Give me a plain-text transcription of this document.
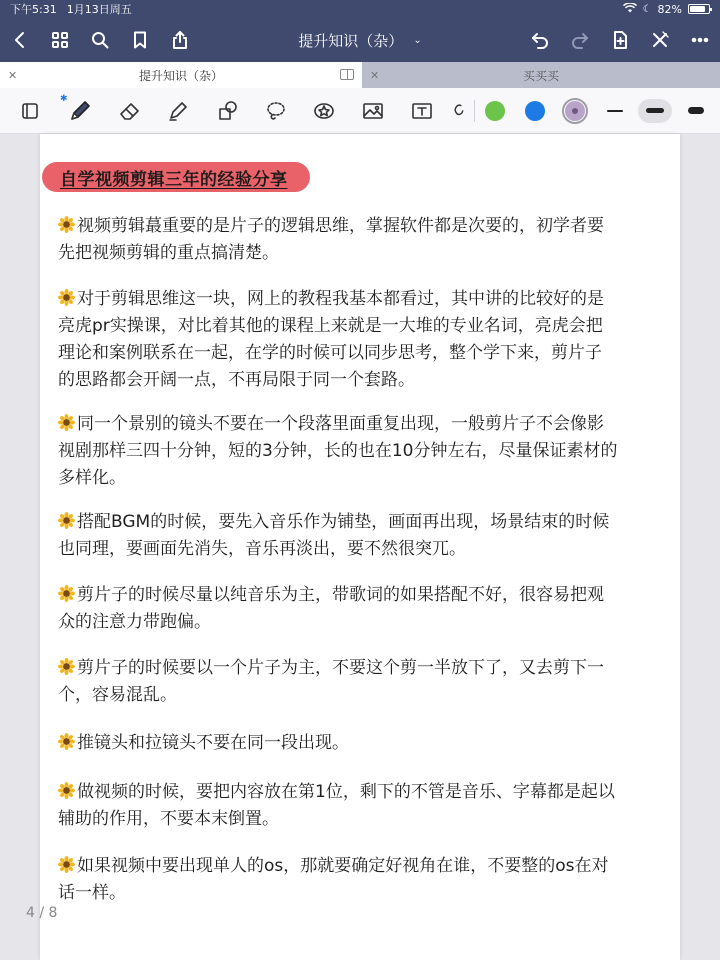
下午5:31 1月13日周五	☾ 82%
提升知识（杂） ⌄
✕	提升知识（杂）	✕	买买买
✱
自学视频剪辑三年的经验分享
视频剪辑蕞重要的是片子的逻辑思维，掌握软件都是次要的，初学者要
先把视频剪辑的重点搞清楚。
对于剪辑思维这一块，网上的教程我基本都看过，其中讲的比较好的是
亮虎pr实操课，对比着其他的课程上来就是一大堆的专业名词，亮虎会把
理论和案例联系在一起，在学的时候可以同步思考，整个学下来，剪片子
的思路都会开阔一点，不再局限于同一个套路。
同一个景别的镜头不要在一个段落里面重复出现，一般剪片子不会像影
视剧那样三四十分钟，短的3分钟，长的也在10分钟左右，尽量保证素材的
多样化。
搭配BGM的时候，要先入音乐作为铺垫，画面再出现，场景结束的时候
也同理，要画面先消失，音乐再淡出，要不然很突兀。
剪片子的时候尽量以纯音乐为主，带歌词的如果搭配不好，很容易把观
众的注意力带跑偏。
剪片子的时候要以一个片子为主，不要这个剪一半放下了，又去剪下一
个，容易混乱。
推镜头和拉镜头不要在同一段出现。
做视频的时候，要把内容放在第1位，剩下的不管是音乐、字幕都是起以
辅助的作用，不要本末倒置。
如果视频中要出现单人的os，那就要确定好视角在谁，不要整的os在对
话一样。
4 / 8
